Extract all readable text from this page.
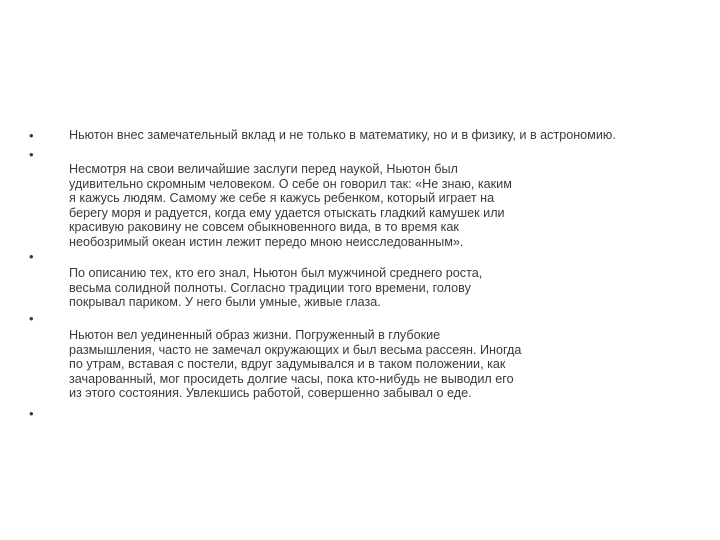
•
•
•
•
•

Ньютон внес замечательный вклад и не только в математику, но и в физику, и в астрономию.

Несмотря на свои величайшие заслуги перед наукой, Ньютон был
удивительно скромным человеком. О себе он говорил так: «Не знаю, каким
я кажусь людям. Самому же себе я кажусь ребенком, который играет на
берегу моря и радуется, когда ему удается отыскать гладкий камушек или
красивую раковину не совсем обыкновенного вида, в то время как
необозримый океан истин лежит передо мною неисследованным».

По описанию тех, кто его знал, Ньютон был мужчиной среднего роста,
весьма солидной полноты. Согласно традиции того времени, голову
покрывал париком. У него были умные, живые глаза.

Ньютон вел уединенный образ жизни. Погруженный в глубокие
размышления, часто не замечал окружающих и был весьма рассеян. Иногда
по утрам, вставая с постели, вдруг задумывался и в таком положении, как
зачарованный, мог просидеть долгие часы, пока кто-нибудь не выводил его
из этого состояния. Увлекшись работой, совершенно забывал о еде.
